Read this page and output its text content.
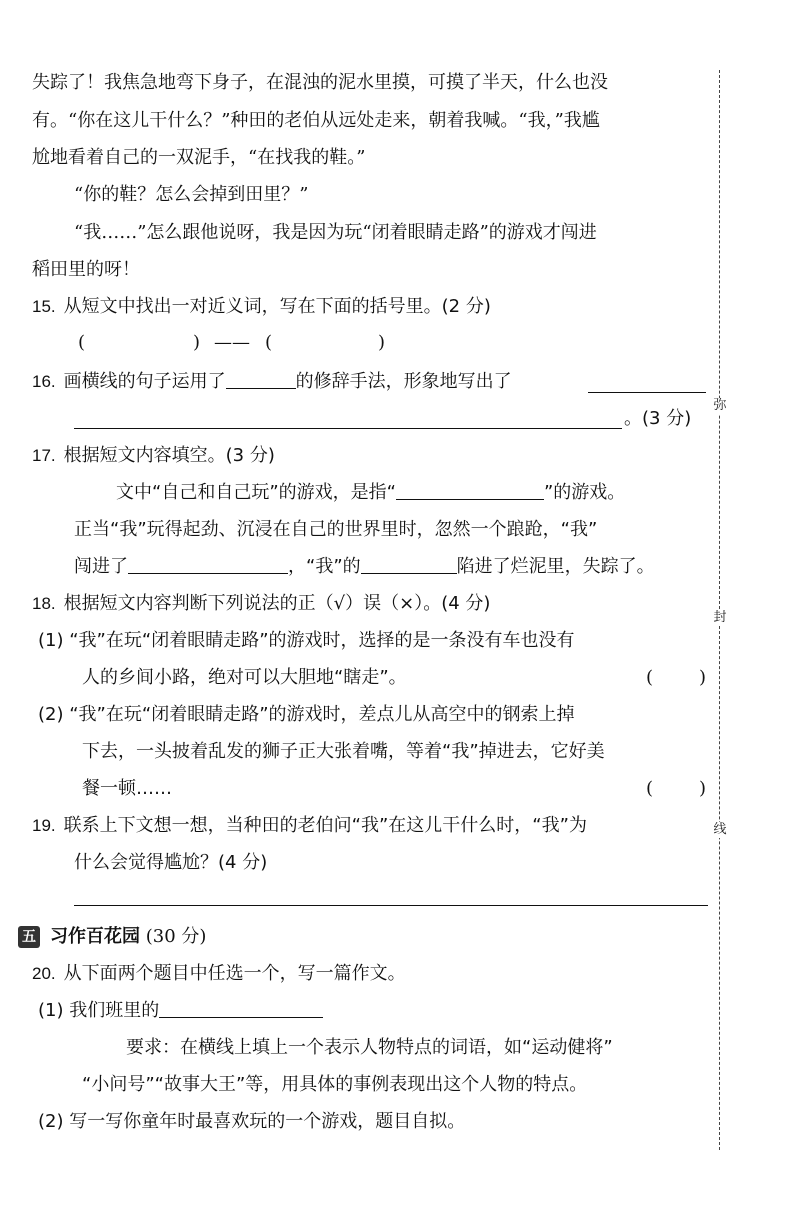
失踪了！我焦急地弯下身子，在混浊的泥水里摸，可摸了半天，什么也没
有。“你在这儿干什么？”种田的老伯从远处走来，朝着我喊。“我，”我尴
尬地看着自己的一双泥手，“在找我的鞋。”
“你的鞋？怎么会掉到田里？”
“我……”怎么跟他说呀，我是因为玩“闭着眼睛走路”的游戏才闯进
稻田里的呀！
15. 从短文中找出一对近义词，写在下面的括号里。(2 分)
(	) —— (	)
16. 画横线的句子运用了	的修辞手法，形象地写出了
。(3 分)
17. 根据短文内容填空。(3 分)
文中“自己和自己玩”的游戏，是指“	”的游戏。
正当“我”玩得起劲、沉浸在自己的世界里时，忽然一个踉跄，“我”
闯进了	，“我”的	陷进了烂泥里，失踪了。
18. 根据短文内容判断下列说法的正（√）误（×）。(4 分)
(1) “我”在玩“闭着眼睛走路”的游戏时，选择的是一条没有车也没有
人的乡间小路，绝对可以大胆地“瞎走”。	(	)
(2) “我”在玩“闭着眼睛走路”的游戏时，差点儿从高空中的钢索上掉
下去，一头披着乱发的狮子正大张着嘴，等着“我”掉进去，它好美
餐一顿……	(	)
19. 联系上下文想一想，当种田的老伯问“我”在这儿干什么时，“我”为
什么会觉得尴尬？(4 分)
五 习作百花园 (30 分)
20. 从下面两个题目中任选一个，写一篇作文。
(1) 我们班里的
要求：在横线上填上一个表示人物特点的词语，如“运动健将”
“小问号”“故事大王”等，用具体的事例表现出这个人物的特点。
(2) 写一写你童年时最喜欢玩的一个游戏，题目自拟。
弥
封
线
